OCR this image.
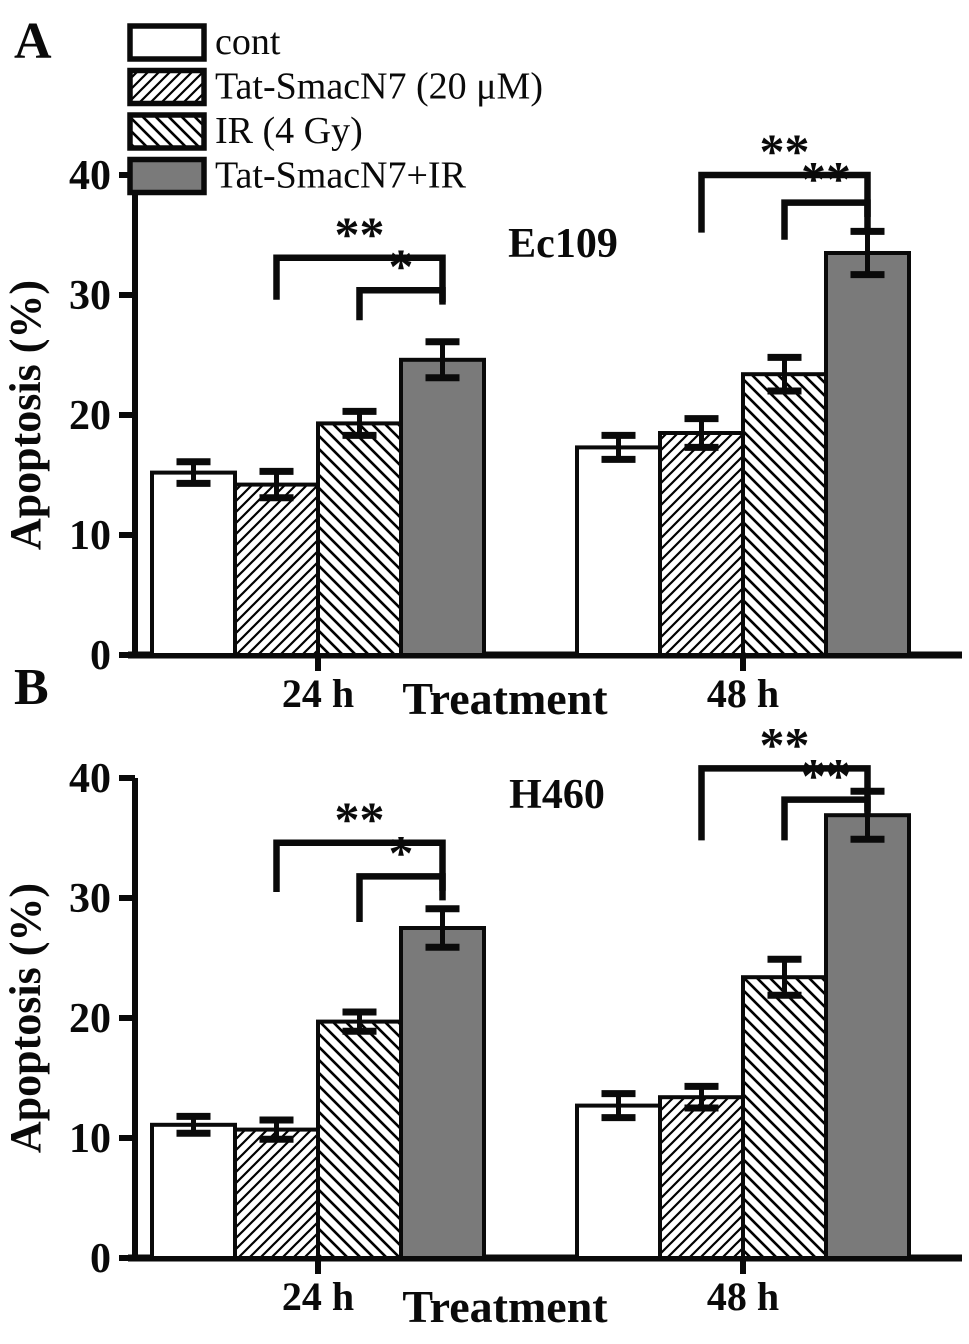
A
0
10
20
30
40
24 h	48 h
**
*
**
**
Ec109
Apoptosis (%)
Treatment
cont
Tat-SmacN7 (20 μM)
IR (4 Gy)
Tat-SmacN7+IR
B
0
10
20
30
40
24 h	48 h
**
*
**
**
H460
Apoptosis (%)
Treatment
